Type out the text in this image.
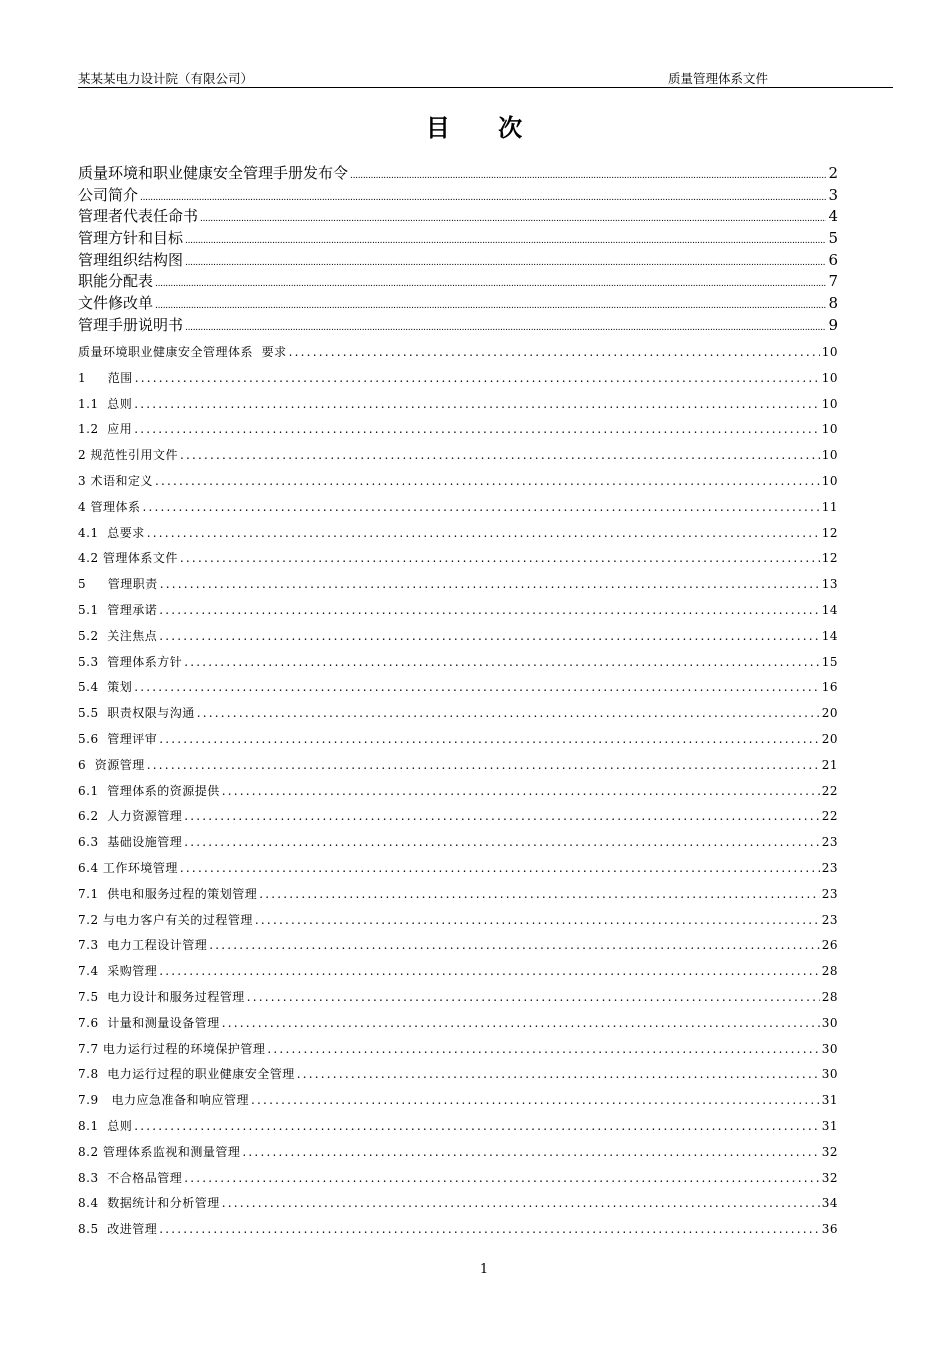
某某某电力设计院（有限公司）	质量管理体系文件
目 次
质量环境和职业健康安全管理手册发布令 .....	2
公司简介 .....	3
管理者代表任命书 .....	4
管理方针和目标 .....	5
管理组织结构图 .....	6
职能分配表 .....	7
文件修改单 .....	8
管理手册说明书 .....	9
质量环境职业健康安全管理体系  要求 .....	10
1     范围 .....	10
1.1  总则 .....	10
1.2  应用 .....	10
2 规范性引用文件 .....	10
3 术语和定义 .....	10
4 管理体系 .....	11
4.1  总要求 .....	12
4.2 管理体系文件 .....	12
5     管理职责 .....	13
5.1  管理承诺 .....	14
5.2  关注焦点 .....	14
5.3  管理体系方针 .....	15
5.4  策划 .....	16
5.5  职责权限与沟通 .....	20
5.6  管理评审 .....	20
6  资源管理 .....	21
6.1  管理体系的资源提供 .....	22
6.2  人力资源管理 .....	22
6.3  基础设施管理 .....	23
6.4 工作环境管理 .....	23
7.1  供电和服务过程的策划管理 .....	23
7.2 与电力客户有关的过程管理 .....	23
7.3  电力工程设计管理 .....	26
7.4  采购管理 .....	28
7.5  电力设计和服务过程管理 .....	28
7.6  计量和测量设备管理 .....	30
7.7 电力运行过程的环境保护管理 .....	30
7.8  电力运行过程的职业健康安全管理 .....	30
7.9   电力应急准备和响应管理 .....	31
8.1  总则 .....	31
8.2 管理体系监视和测量管理 .....	32
8.3  不合格品管理 .....	32
8.4  数据统计和分析管理 .....	34
8.5  改进管理 .....	36
1
